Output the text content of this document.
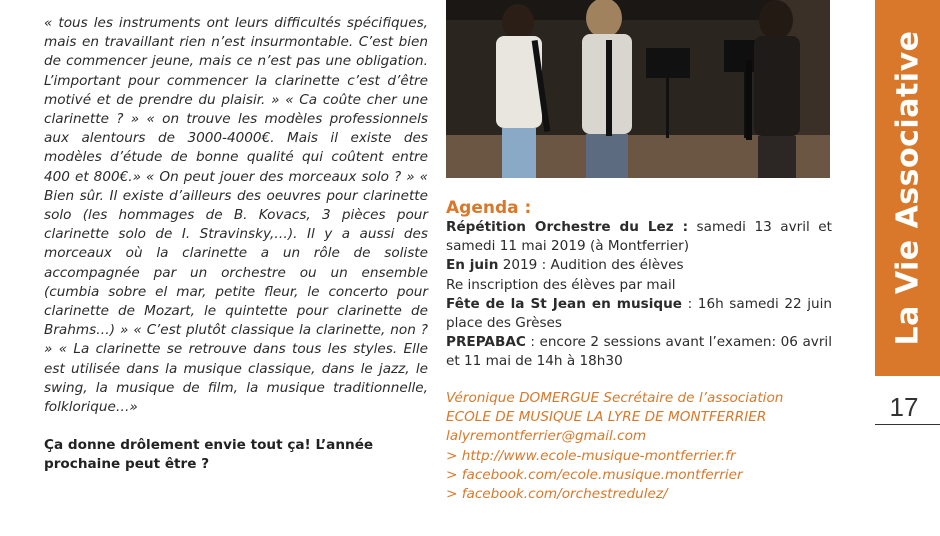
« tous les instruments ont leurs difficultés spécifiques, mais en travaillant rien n’est insurmontable. C’est bien de commencer jeune, mais ce n’est pas une obligation. L’important pour commencer la clarinette c’est d’être motivé et de prendre du plaisir. » « Ca coûte cher une clarinette ? » « on trouve les modèles professionnels aux alentours de 3000-4000€. Mais il existe des modèles d’étude de bonne qualité qui coûtent entre 400 et 800€.» « On peut jouer des morceaux solo ? » « Bien sûr. Il existe d’ailleurs des oeuvres pour clarinette solo (les hommages de B. Kovacs, 3 pièces pour clarinette solo de I. Stravinsky,…). Il y a aussi des morceaux où la clarinette a un rôle de soliste accompagnée par un orchestre ou un ensemble (cumbia sobre el mar, petite fleur, le concerto pour clarinette de Mozart, le quintette pour clarinette de Brahms…) » « C’est plutôt classique la clarinette, non ? » « La clarinette se retrouve dans tous les styles. Elle est utilisée dans la musique classique, dans le jazz, le swing, la musique de film, la musique traditionnelle, folklorique…»

Ça donne drôlement envie tout ça! L’année prochaine peut être ?

Agenda :

Répétition Orchestre du Lez : samedi 13 avril et samedi 11 mai 2019 (à Montferrier)

En juin 2019 : Audition des élèves

Re inscription des élèves par mail

Fête de la St Jean en musique : 16h samedi 22 juin place des Grèses

PREPABAC : encore 2 sessions avant l’examen: 06 avril et 11 mai de 14h à 18h30

Véronique DOMERGUE Secrétaire de l’association
ECOLE DE MUSIQUE LA LYRE DE MONTFERRIER
lalyremontferrier@gmail.com
> http://www.ecole-musique-montferrier.fr
> facebook.com/ecole.musique.montferrier
> facebook.com/orchestredulez/
La Vie Associative
17
